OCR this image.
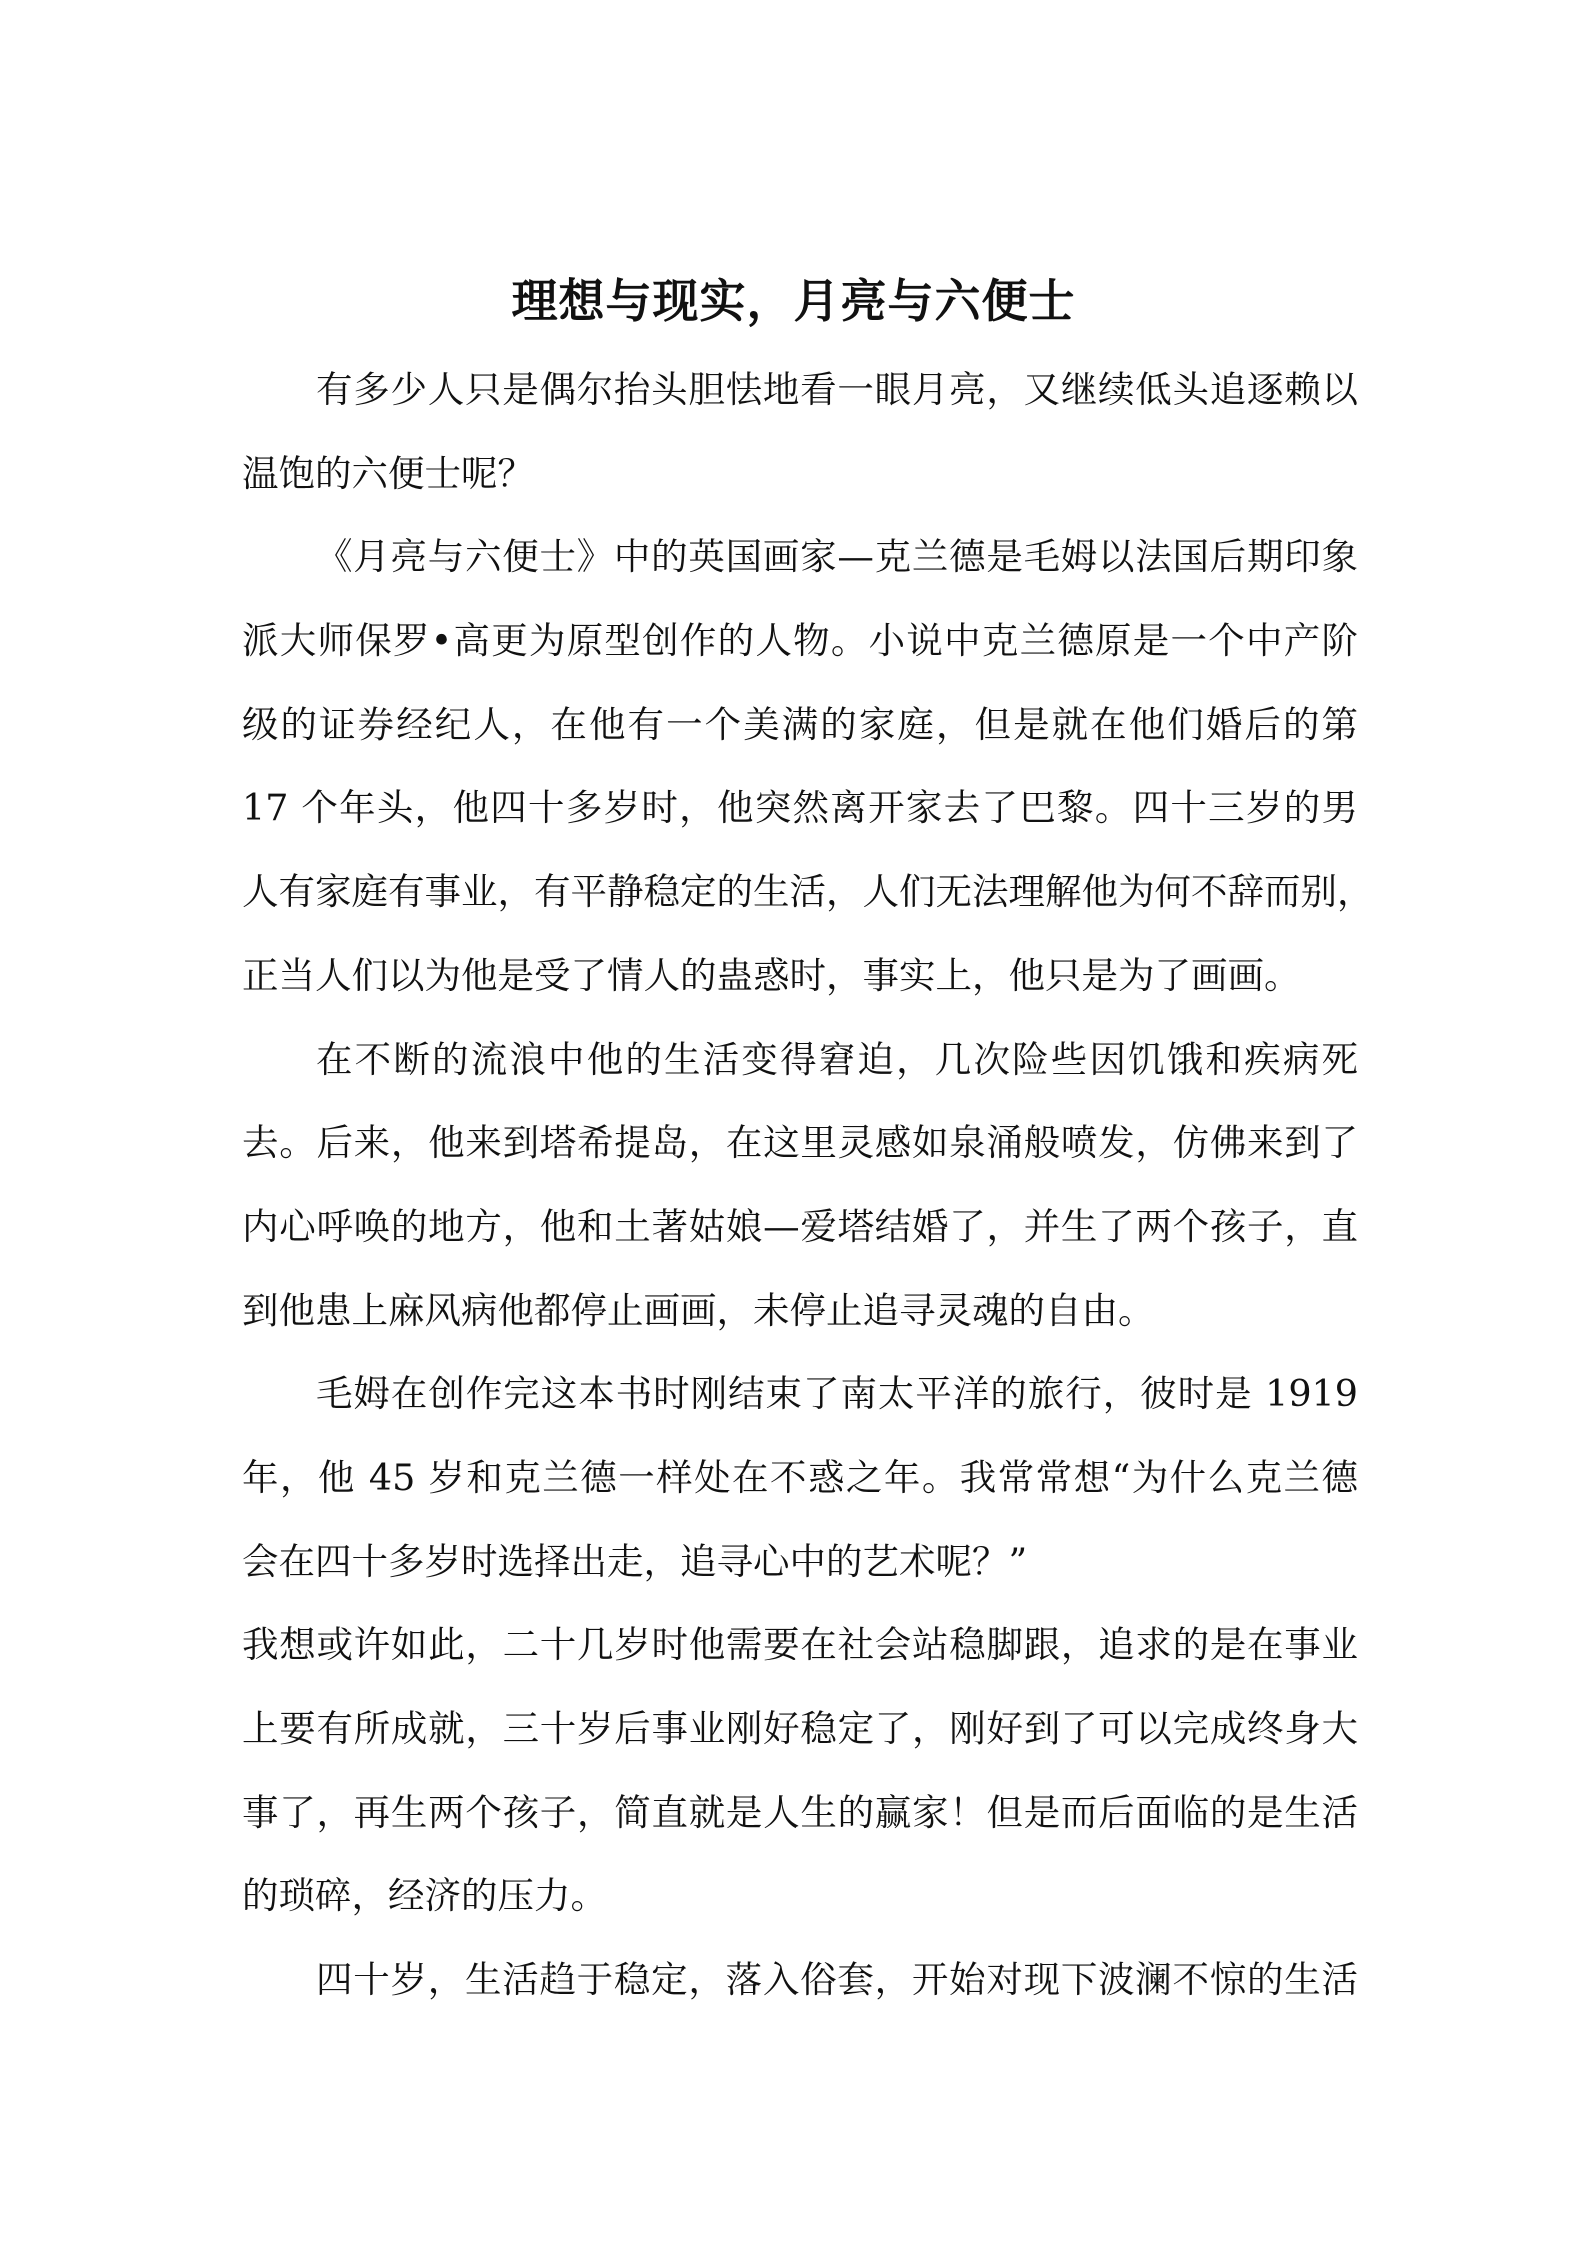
理想与现实，月亮与六便士
有多少人只是偶尔抬头胆怯地看一眼月亮，又继续低头追逐赖以
温饱的六便士呢？
《月亮与六便士》中的英国画家—克兰德是毛姆以法国后期印象
派大师保罗•高更为原型创作的人物。小说中克兰德原是一个中产阶
级的证券经纪人，在他有一个美满的家庭，但是就在他们婚后的第
17 个年头，他四十多岁时，他突然离开家去了巴黎。四十三岁的男
人有家庭有事业，有平静稳定的生活，人们无法理解他为何不辞而别，
正当人们以为他是受了情人的蛊惑时，事实上，他只是为了画画。
在不断的流浪中他的生活变得窘迫，几次险些因饥饿和疾病死
去。后来，他来到塔希提岛，在这里灵感如泉涌般喷发，仿佛来到了
内心呼唤的地方，他和土著姑娘—爱塔结婚了，并生了两个孩子，直
到他患上麻风病他都停止画画，未停止追寻灵魂的自由。
毛姆在创作完这本书时刚结束了南太平洋的旅行，彼时是 1919
年，他 45 岁和克兰德一样处在不惑之年。我常常想“为什么克兰德
会在四十多岁时选择出走，追寻心中的艺术呢？”
我想或许如此，二十几岁时他需要在社会站稳脚跟，追求的是在事业
上要有所成就，三十岁后事业刚好稳定了，刚好到了可以完成终身大
事了，再生两个孩子，简直就是人生的赢家！但是而后面临的是生活
的琐碎，经济的压力。
四十岁，生活趋于稳定，落入俗套，开始对现下波澜不惊的生活
